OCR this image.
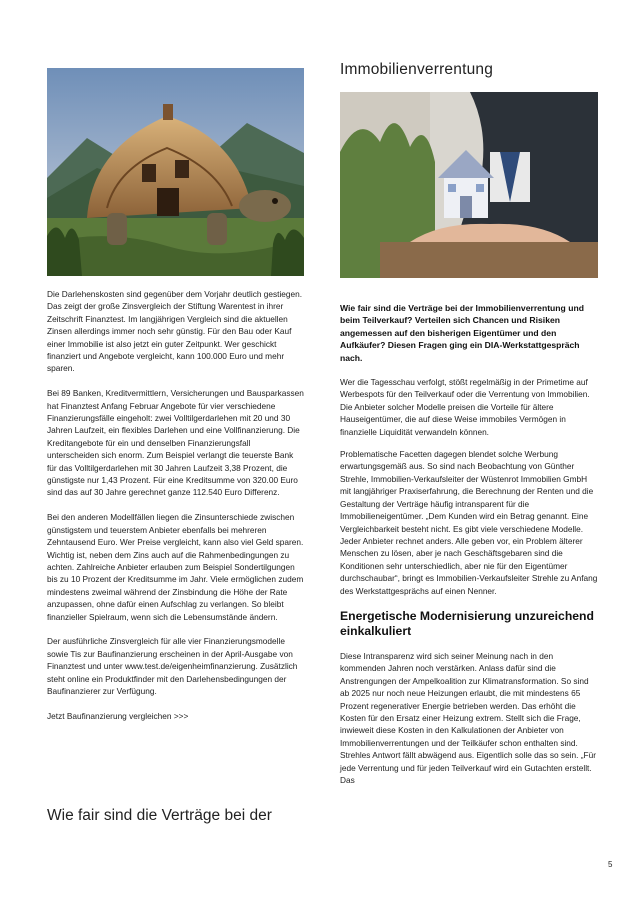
Die Darlehenskosten sind gegenüber dem Vorjahr deutlich gestiegen. Das zeigt der große Zinsvergleich der Stiftung Warentest in ihrer Zeitschrift Finanztest. Im langjährigen Vergleich sind die aktuellen Zinsen allerdings immer noch sehr günstig. Für den Bau oder Kauf einer Immobilie ist also jetzt ein guter Zeitpunkt. Wer geschickt finanziert und Angebote vergleicht, kann 100.000 Euro und mehr sparen.

Bei 89 Banken, Kreditvermittlern, Versicherungen und Bausparkassen hat Finanztest Anfang Februar Angebote für vier verschiedene Finanzierungsfälle eingeholt: zwei Volltilgerdarlehen mit 20 und 30 Jahren Laufzeit, ein flexibles Darlehen und eine Vollfinanzierung. Die Kreditangebote für ein und denselben Finanzierungsfall unterscheiden sich enorm. Zum Beispiel verlangt die teuerste Bank für das Volltilgerdarlehen mit 30 Jahren Laufzeit 3,38 Prozent, die günstigste nur 1,43 Prozent. Für eine Kreditsumme von 320.00 Euro sind das auf 30 Jahre gerechnet ganze 112.540 Euro Differenz.

Bei den anderen Modellfällen liegen die Zinsunterschiede zwischen günstigstem und teuerstem Anbieter ebenfalls bei mehreren Zehntausend Euro. Wer Preise vergleicht, kann also viel Geld sparen. Wichtig ist, neben dem Zins auch auf die Rahmenbedingungen zu achten. Zahlreiche Anbieter erlauben zum Beispiel Sondertilgungen bis zu 10 Prozent der Kreditsumme im Jahr. Viele ermöglichen zudem mindestens zweimal während der Zinsbindung die Höhe der Rate anzupassen, ohne dafür einen Aufschlag zu verlangen. So bleibt finanzieller Spielraum, wenn sich die Lebensumstände ändern.

Der ausführliche Zinsvergleich für alle vier Finanzierungsmodelle sowie Tis zur Baufinanzierung erscheinen in der April-Ausgabe von Finanztest und unter www.test.de/eigenheimfinanzierung. Zusätzlich steht online ein Produktfinder mit den Darlehensbedingungen der Baufinanzierer zur Verfügung.

Jetzt Baufinanzierung vergleichen >>>

Wie fair sind die Verträge bei der
Immobilienverrentung

Wie fair sind die Verträge bei der Immobilienverrentung und beim Teilverkauf? Verteilen sich Chancen und Risiken angemessen auf den bisherigen Eigentümer und den Aufkäufer? Diesen Fragen ging ein DIA-Werkstattgespräch nach.

Wer die Tagesschau verfolgt, stößt regelmäßig in der Primetime auf Werbespots für den Teilverkauf oder die Verrentung von Immobilien. Die Anbieter solcher Modelle preisen die Vorteile für ältere Hauseigentümer, die auf diese Weise immobiles Vermögen in finanzielle Liquidität verwandeln können.

Problematische Facetten dagegen blendet solche Werbung erwartungsgemäß aus. So sind nach Beobachtung von Günther Strehle, Immobilien-Verkaufsleiter der Wüstenrot Immobilien GmbH mit langjähriger Praxiserfahrung, die Berechnung der Renten und die Gestaltung der Verträge häufig intransparent für die Immobilieneigentümer. „Dem Kunden wird ein Betrag genannt. Eine Vergleichbarkeit besteht nicht. Es gibt viele verschiedene Modelle. Jeder Anbieter rechnet anders. Alle geben vor, ein Problem älterer Menschen zu lösen, aber je nach Geschäftsgebaren sind die Konditionen sehr unterschiedlich, aber nie für den Eigentümer durchschaubar“, bringt es Immobilien-Verkaufsleiter Strehle zu Anfang des Werkstattgesprächs auf einen Nenner.

Energetische Modernisierung unzureichend einkalkuliert

Diese Intransparenz wird sich seiner Meinung nach in den kommenden Jahren noch verstärken. Anlass dafür sind die Anstrengungen der Ampelkoalition zur Klimatransformation. So sind ab 2025 nur noch neue Heizungen erlaubt, die mit mindestens 65 Prozent regenerativer Energie betrieben werden. Das erhöht die Kosten für den Ersatz einer Heizung extrem. Stellt sich die Frage, inwieweit diese Kosten in den Kalkulationen der Anbieter von Immobilienverrentungen und der Teilkäufer schon enthalten sind. Strehles Antwort fällt abwägend aus. Eigentlich solle das so sein. „Für jede Verrentung und für jeden Teilverkauf wird ein Gutachten erstellt. Das

5
